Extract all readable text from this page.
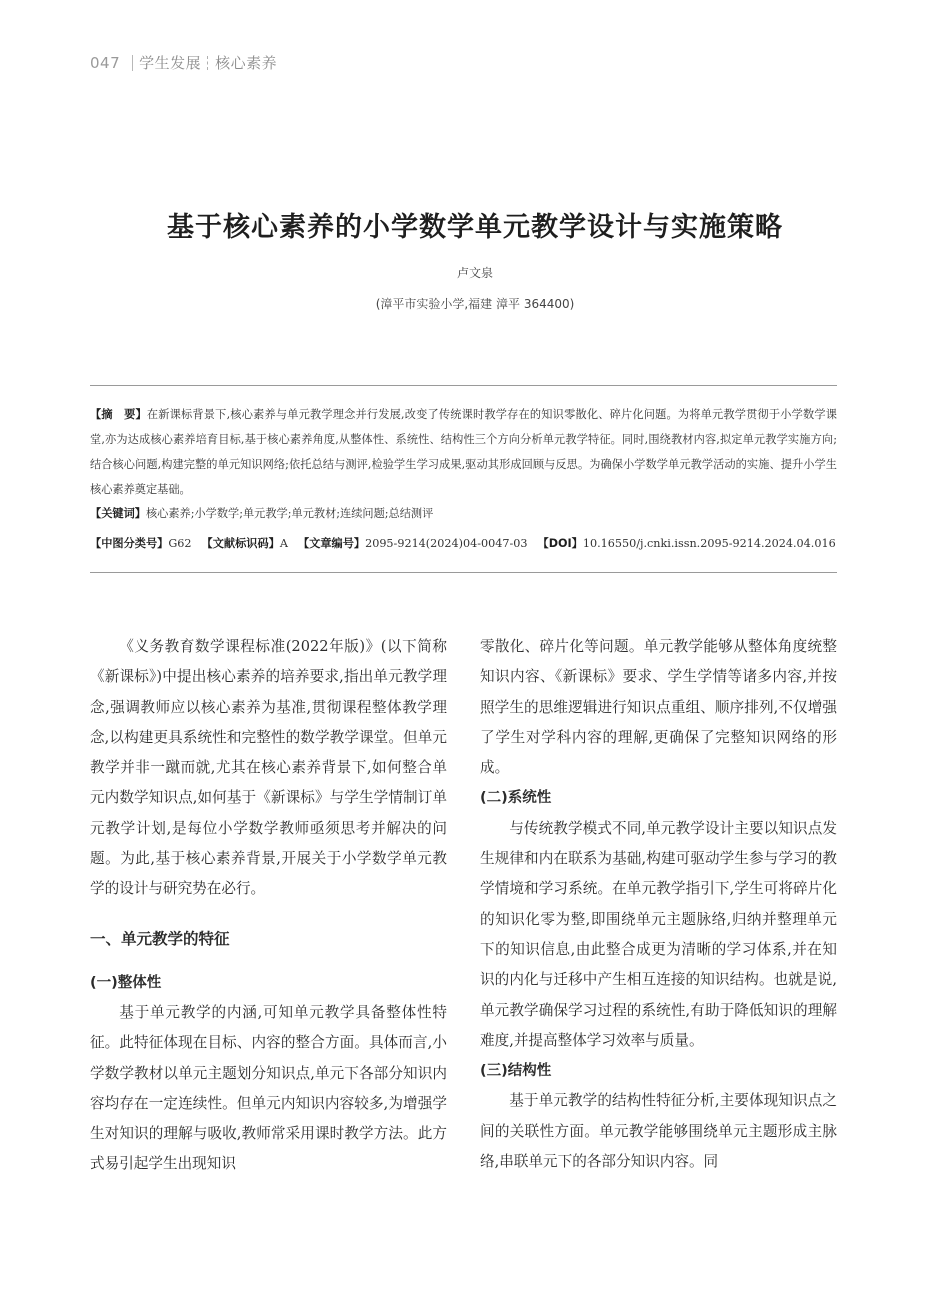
047 学生发展 核心素养
基于核心素养的小学数学单元教学设计与实施策略
卢文泉
(漳平市实验小学,福建 漳平 364400)
【摘　要】在新课标背景下,核心素养与单元教学理念并行发展,改变了传统课时教学存在的知识零散化、碎片化问题。为将单元教学贯彻于小学数学课堂,亦为达成核心素养培育目标,基于核心素养角度,从整体性、系统性、结构性三个方向分析单元教学特征。同时,围绕教材内容,拟定单元教学实施方向;结合核心问题,构建完整的单元知识网络;依托总结与测评,检验学生学习成果,驱动其形成回顾与反思。为确保小学数学单元教学活动的实施、提升小学生核心素养奠定基础。
【关键词】核心素养;小学数学;单元教学;单元教材;连续问题;总结测评
【中图分类号】G62 【文献标识码】A 【文章编号】2095-9214(2024)04-0047-03 【DOI】10.16550/j.cnki.issn.2095-9214.2024.04.016

《义务教育数学课程标准(2022年版)》(以下简称《新课标》)中提出核心素养的培养要求,指出单元教学理念,强调教师应以核心素养为基准,贯彻课程整体教学理念,以构建更具系统性和完整性的数学教学课堂。但单元教学并非一蹴而就,尤其在核心素养背景下,如何整合单元内数学知识点,如何基于《新课标》与学生学情制订单元教学计划,是每位小学数学教师亟须思考并解决的问题。为此,基于核心素养背景,开展关于小学数学单元教学的设计与研究势在必行。

一、单元教学的特征
(一)整体性

基于单元教学的内涵,可知单元教学具备整体性特征。此特征体现在目标、内容的整合方面。具体而言,小学数学教材以单元主题划分知识点,单元下各部分知识内容均存在一定连续性。但单元内知识内容较多,为增强学生对知识的理解与吸收,教师常采用课时教学方法。此方式易引起学生出现知识

零散化、碎片化等问题。单元教学能够从整体角度统整知识内容、《新课标》要求、学生学情等诸多内容,并按照学生的思维逻辑进行知识点重组、顺序排列,不仅增强了学生对学科内容的理解,更确保了完整知识网络的形成。

(二)系统性

与传统教学模式不同,单元教学设计主要以知识点发生规律和内在联系为基础,构建可驱动学生参与学习的教学情境和学习系统。在单元教学指引下,学生可将碎片化的知识化零为整,即围绕单元主题脉络,归纳并整理单元下的知识信息,由此整合成更为清晰的学习体系,并在知识的内化与迁移中产生相互连接的知识结构。也就是说,单元教学确保学习过程的系统性,有助于降低知识的理解难度,并提高整体学习效率与质量。

(三)结构性

基于单元教学的结构性特征分析,主要体现知识点之间的关联性方面。单元教学能够围绕单元主题形成主脉络,串联单元下的各部分知识内容。同
